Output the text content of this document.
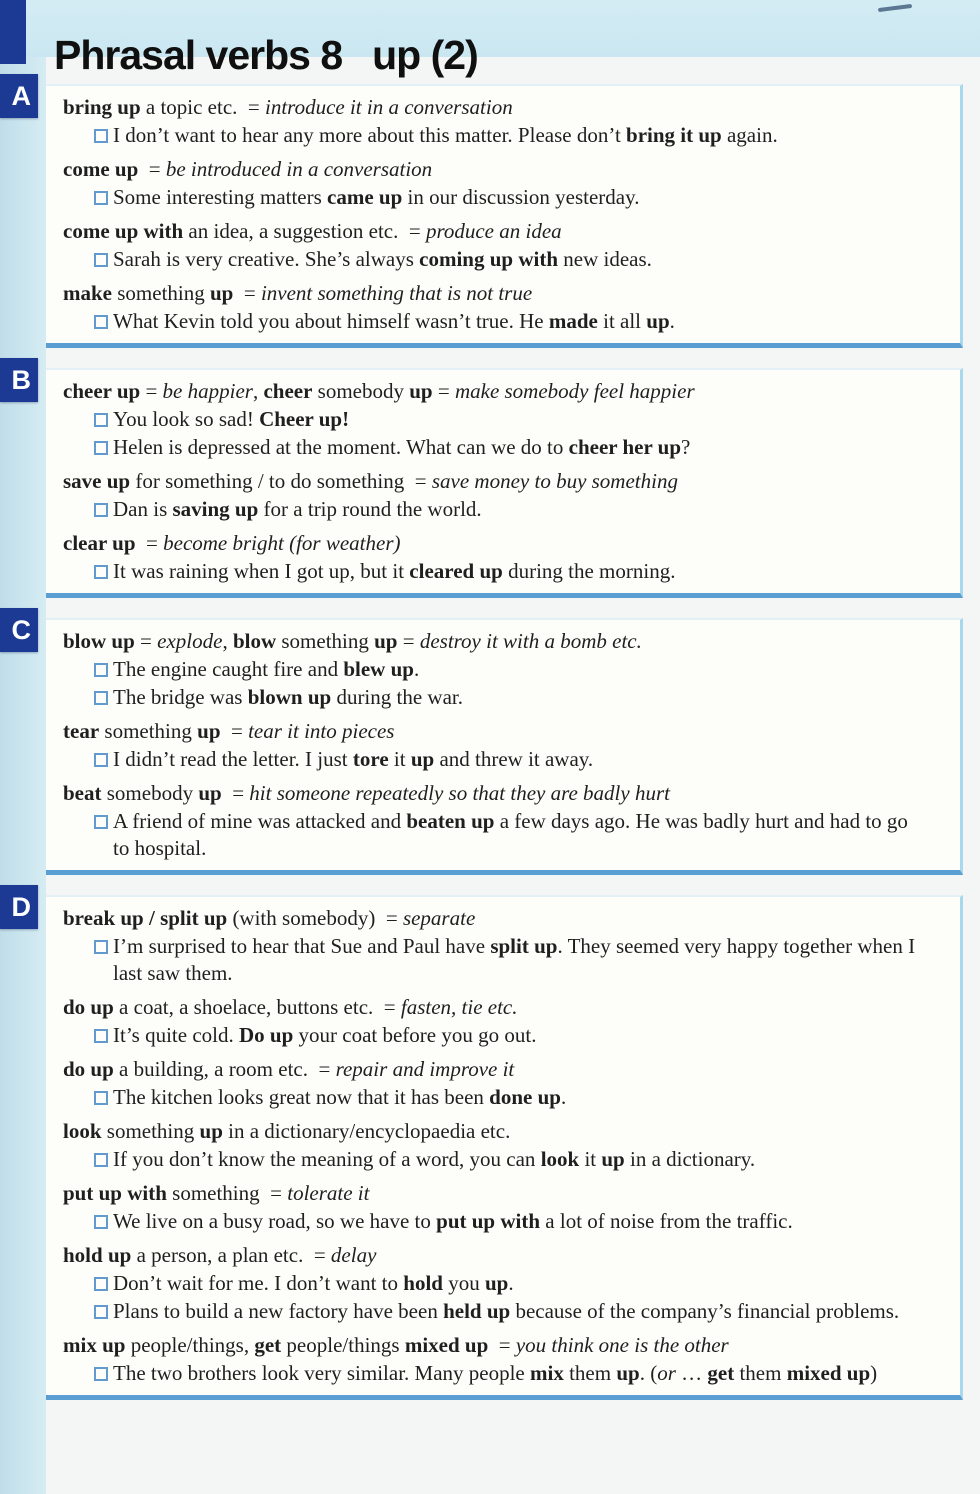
Phrasal verbs 8 up (2)
A	bring up a topic etc.  = introduce it in a conversation
I don’t want to hear any more about this matter. Please don’t bring it up again.
come up  = be introduced in a conversation
Some interesting matters came up in our discussion yesterday.
come up with an idea, a suggestion etc.  = produce an idea
Sarah is very creative. She’s always coming up with new ideas.
make something up  = invent something that is not true
What Kevin told you about himself wasn’t true. He made it all up.
B	cheer up = be happier, cheer somebody up = make somebody feel happier
You look so sad! Cheer up!
Helen is depressed at the moment. What can we do to cheer her up?
save up for something / to do something  = save money to buy something
Dan is saving up for a trip round the world.
clear up  = become bright (for weather)
It was raining when I got up, but it cleared up during the morning.
C	blow up = explode, blow something up = destroy it with a bomb etc.
The engine caught fire and blew up.
The bridge was blown up during the war.
tear something up  = tear it into pieces
I didn’t read the letter. I just tore it up and threw it away.
beat somebody up  = hit someone repeatedly so that they are badly hurt
A friend of mine was attacked and beaten up a few days ago. He was badly hurt and had to go to hospital.
D	break up / split up (with somebody)  = separate
I’m surprised to hear that Sue and Paul have split up. They seemed very happy together when I last saw them.
do up a coat, a shoelace, buttons etc.  = fasten, tie etc.
It’s quite cold. Do up your coat before you go out.
do up a building, a room etc.  = repair and improve it
The kitchen looks great now that it has been done up.
look something up in a dictionary/encyclopaedia etc.
If you don’t know the meaning of a word, you can look it up in a dictionary.
put up with something  = tolerate it
We live on a busy road, so we have to put up with a lot of noise from the traffic.
hold up a person, a plan etc.  = delay
Don’t wait for me. I don’t want to hold you up.
Plans to build a new factory have been held up because of the company’s financial problems.
mix up people/things, get people/things mixed up  = you think one is the other
The two brothers look very similar. Many people mix them up. (or … get them mixed up)
